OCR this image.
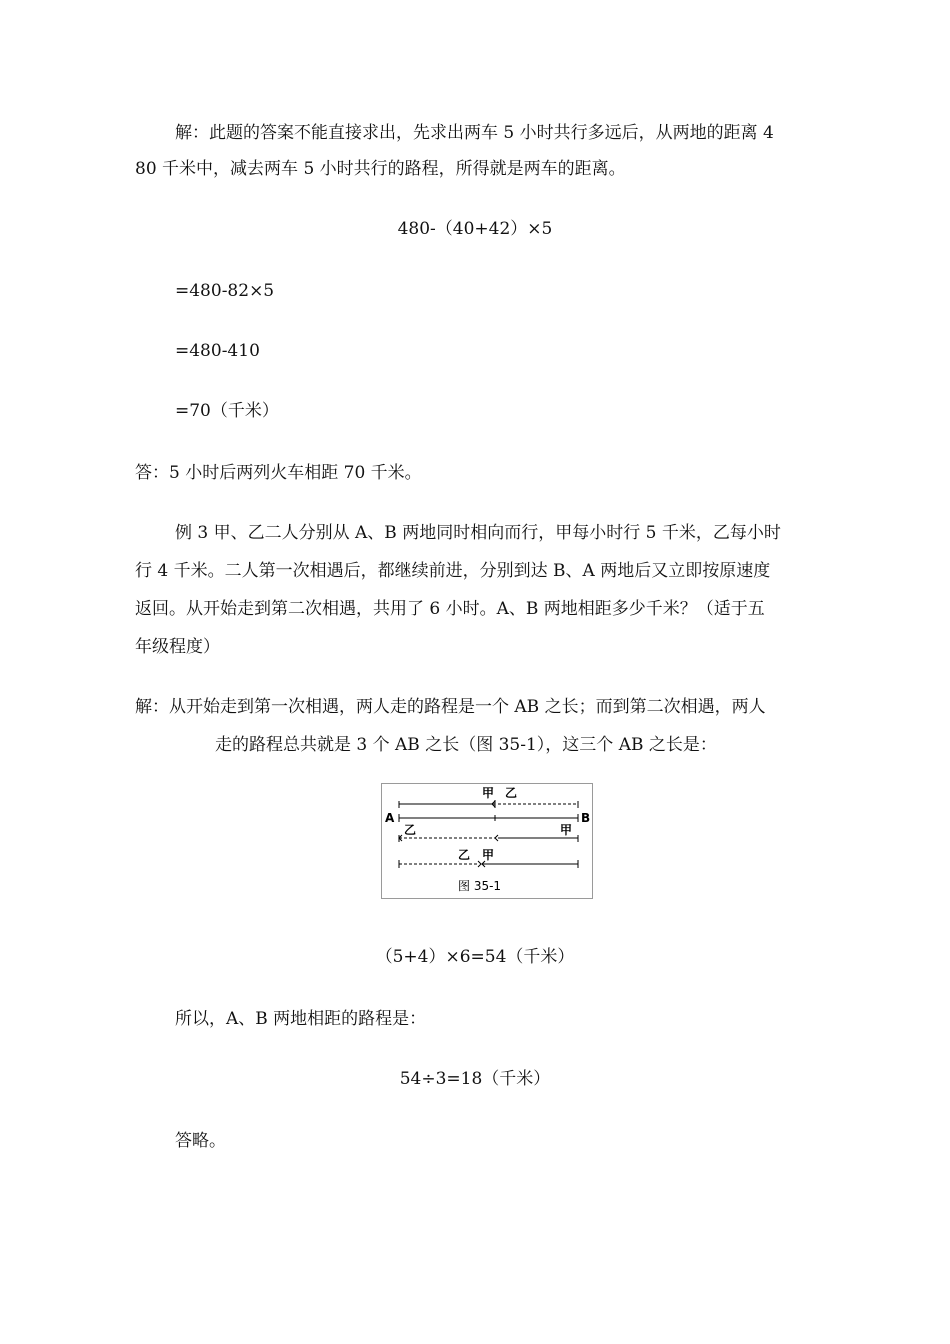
解：此题的答案不能直接求出，先求出两车 5 小时共行多远后，从两地的距离 4
80 千米中，减去两车 5 小时共行的路程，所得就是两车的距离。
480-（40+42）×5
=480-82×5
=480-410
=70（千米）
答：5 小时后两列火车相距 70 千米。
例 3 甲、乙二人分别从 A、B 两地同时相向而行，甲每小时行 5 千米，乙每小时
行 4 千米。二人第一次相遇后，都继续前进，分别到达 B、A 两地后又立即按原速度
返回。从开始走到第二次相遇，共用了 6 小时。A、B 两地相距多少千米？（适于五
年级程度）
解：从开始走到第一次相遇，两人走的路程是一个 AB 之长；而到第二次相遇，两人
走的路程总共就是 3 个 AB 之长（图 35-1），这三个 AB 之长是：
甲 乙
A	B
乙	甲
乙 甲
图 35-1
（5+4）×6=54（千米）
所以，A、B 两地相距的路程是：
54÷3=18（千米）
答略。
